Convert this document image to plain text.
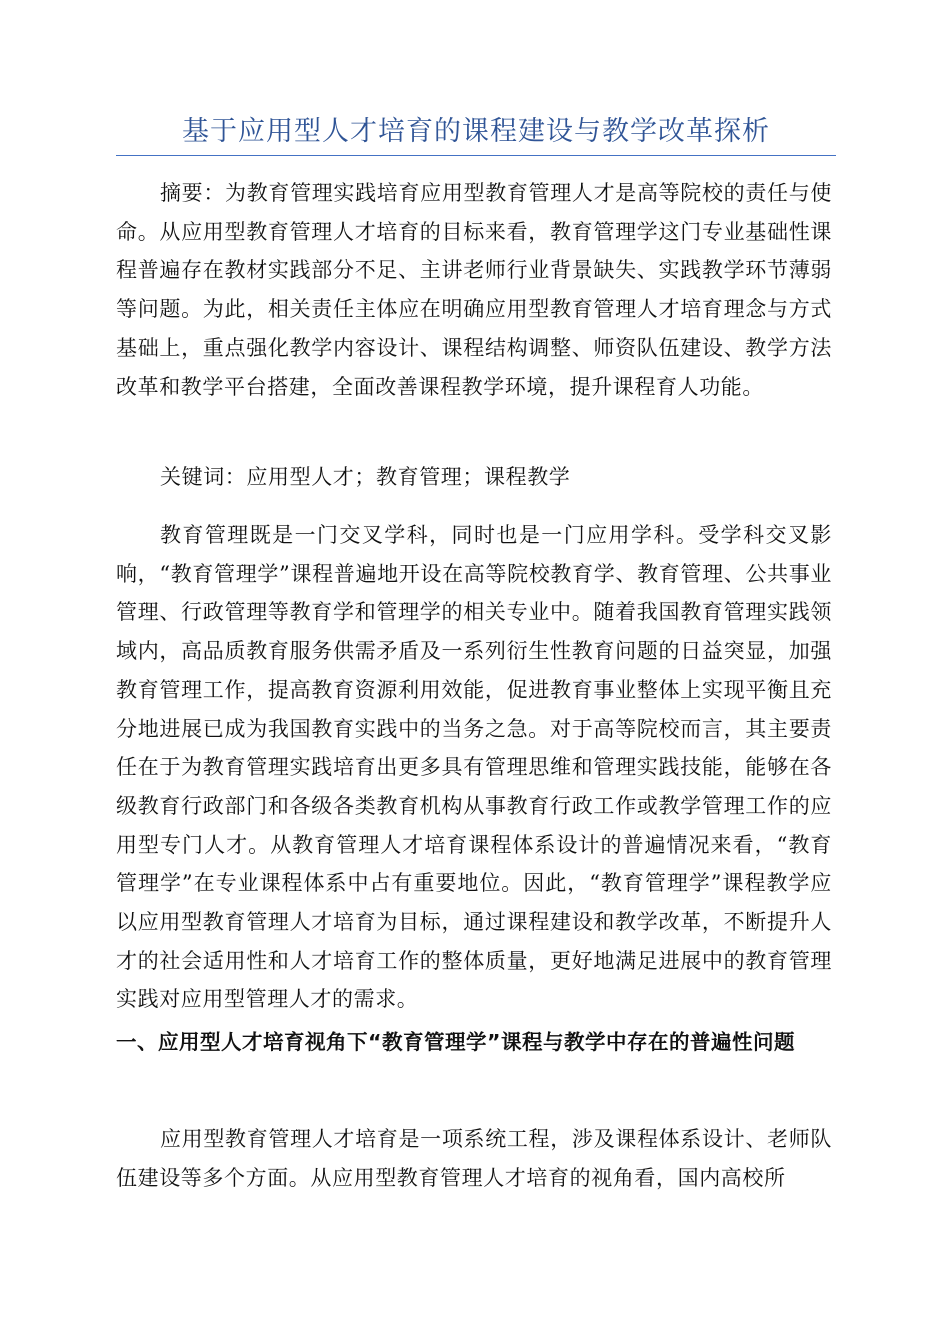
基于应用型人才培育的课程建设与教学改革探析

摘要：为教育管理实践培育应用型教育管理人才是高等院校的责任与使命。从应用型教育管理人才培育的目标来看，教育管理学这门专业基础性课程普遍存在教材实践部分不足、主讲老师行业背景缺失、实践教学环节薄弱等问题。为此，相关责任主体应在明确应用型教育管理人才培育理念与方式基础上，重点强化教学内容设计、课程结构调整、师资队伍建设、教学方法改革和教学平台搭建，全面改善课程教学环境，提升课程育人功能。

关键词：应用型人才；教育管理；课程教学

教育管理既是一门交叉学科，同时也是一门应用学科。受学科交叉影响，“教育管理学”课程普遍地开设在高等院校教育学、教育管理、公共事业管理、行政管理等教育学和管理学的相关专业中。随着我国教育管理实践领域内，高品质教育服务供需矛盾及一系列衍生性教育问题的日益突显，加强教育管理工作，提高教育资源利用效能，促进教育事业整体上实现平衡且充分地进展已成为我国教育实践中的当务之急。对于高等院校而言，其主要责任在于为教育管理实践培育出更多具有管理思维和管理实践技能，能够在各级教育行政部门和各级各类教育机构从事教育行政工作或教学管理工作的应用型专门人才。从教育管理人才培育课程体系设计的普遍情况来看，“教育管理学”在专业课程体系中占有重要地位。因此，“教育管理学”课程教学应以应用型教育管理人才培育为目标，通过课程建设和教学改革，不断提升人才的社会适用性和人才培育工作的整体质量，更好地满足进展中的教育管理实践对应用型管理人才的需求。

一、应用型人才培育视角下“教育管理学”课程与教学中存在的普遍性问题

应用型教育管理人才培育是一项系统工程，涉及课程体系设计、老师队伍建设等多个方面。从应用型教育管理人才培育的视角看，国内高校所
